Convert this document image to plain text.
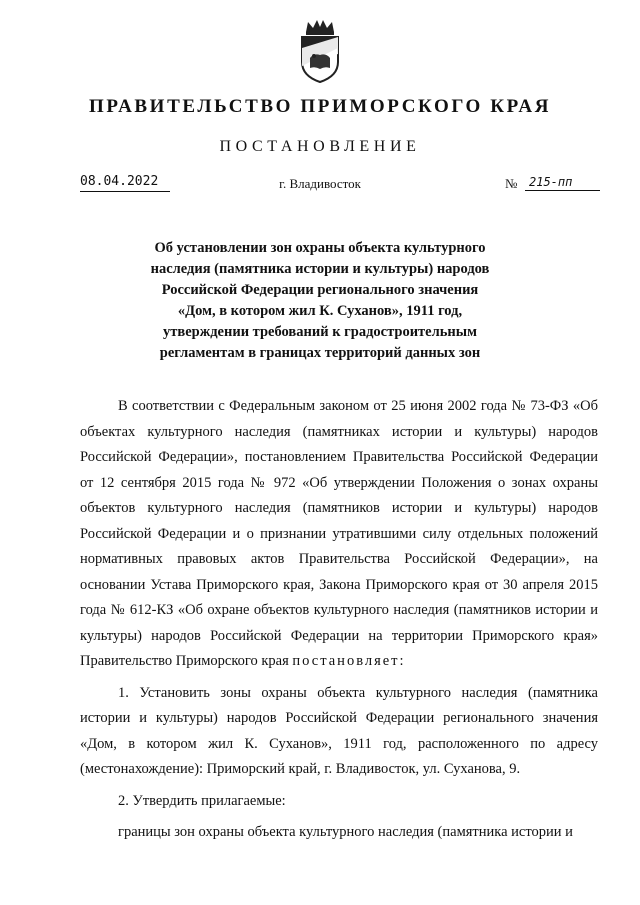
ПРАВИТЕЛЬСТВО ПРИМОРСКОГО КРАЯ
ПОСТАНОВЛЕНИЕ
08.04.2022	г. Владивосток	№ 215-пп
Об установлении зон охраны объекта культурного
наследия (памятника истории и культуры) народов
Российской Федерации регионального значения
«Дом, в котором жил К. Суханов», 1911 год,
утверждении требований к градостроительным
регламентам в границах территорий данных зон

В соответствии с Федеральным законом от 25 июня 2002 года № 73-ФЗ «Об объектах культурного наследия (памятниках истории и культуры) народов Российской Федерации», постановлением Правительства Российской Федерации от 12 сентября 2015 года № 972 «Об утверждении Положения о зонах охраны объектов культурного наследия (памятников истории и культуры) народов Российской Федерации и о признании утратившими силу отдельных положений нормативных правовых актов Правительства Российской Федерации», на основании Устава Приморского края, Закона Приморского края от 30 апреля 2015 года № 612-КЗ «Об охране объектов культурного наследия (памятников истории и культуры) народов Российской Федерации на территории Приморского края» Правительство Приморского края постановляет:

1. Установить зоны охраны объекта культурного наследия (памятника истории и культуры) народов Российской Федерации регионального значения «Дом, в котором жил К. Суханов», 1911 год, расположенного по адресу (местонахождение): Приморский край, г. Владивосток, ул. Суханова, 9.

2. Утвердить прилагаемые:

границы зон охраны объекта культурного наследия (памятника истории и
